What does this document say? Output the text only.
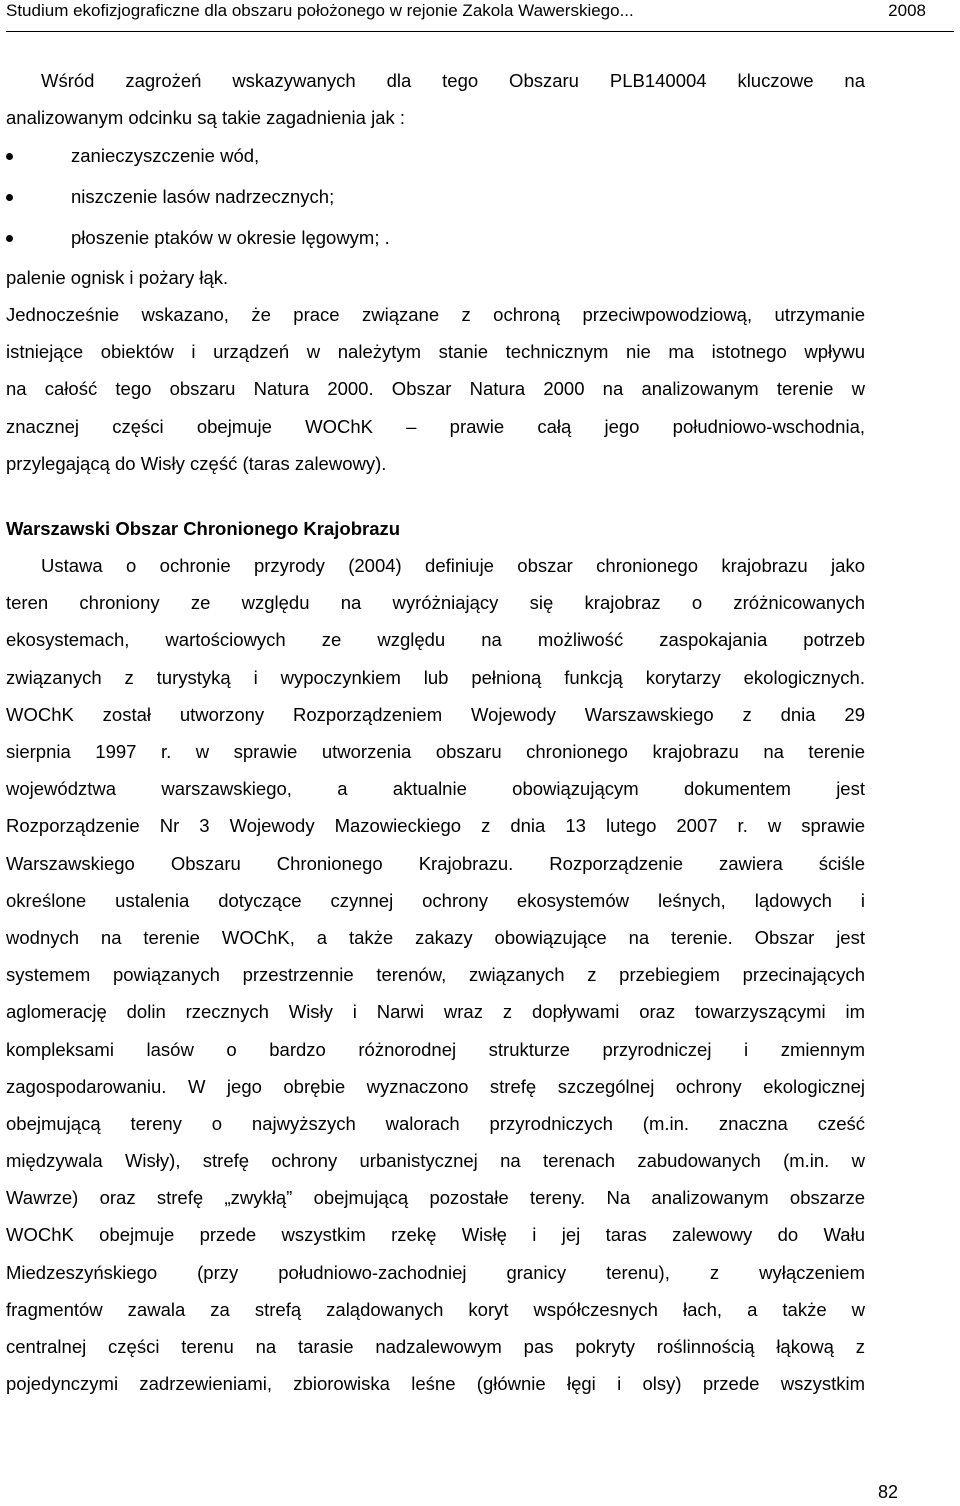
Studium ekofizjograficzne dla obszaru położonego w rejonie Zakola Wawerskiego...	2008
Wśród zagrożeń wskazywanych dla tego Obszaru PLB140004 kluczowe na
analizowanym odcinku są takie zagadnienia jak :
zanieczyszczenie wód,
niszczenie lasów nadrzecznych;
płoszenie ptaków w okresie lęgowym; .
palenie ognisk i pożary łąk.
Jednocześnie wskazano, że prace związane z ochroną przeciwpowodziową, utrzymanie
istniejące obiektów i urządzeń w należytym stanie technicznym nie ma istotnego wpływu
na całość tego obszaru Natura 2000. Obszar Natura 2000 na analizowanym terenie w
znacznej części obejmuje WOChK – prawie całą jego południowo-wschodnia,
przylegającą do Wisły część (taras zalewowy).
Warszawski Obszar Chronionego Krajobrazu
Ustawa o ochronie przyrody (2004) definiuje obszar chronionego krajobrazu jako
teren chroniony ze względu na wyróżniający się krajobraz o zróżnicowanych
ekosystemach, wartościowych ze względu na możliwość zaspokajania potrzeb
związanych z turystyką i wypoczynkiem lub pełnioną funkcją korytarzy ekologicznych.
WOChK został utworzony Rozporządzeniem Wojewody Warszawskiego z dnia 29
sierpnia 1997 r. w sprawie utworzenia obszaru chronionego krajobrazu na terenie
województwa warszawskiego, a aktualnie obowiązującym dokumentem jest
Rozporządzenie Nr 3 Wojewody Mazowieckiego z dnia 13 lutego 2007 r. w sprawie
Warszawskiego Obszaru Chronionego Krajobrazu. Rozporządzenie zawiera ściśle
określone ustalenia dotyczące czynnej ochrony ekosystemów leśnych, lądowych i
wodnych na terenie WOChK, a także zakazy obowiązujące na terenie. Obszar jest
systemem powiązanych przestrzennie terenów, związanych z przebiegiem przecinających
aglomerację dolin rzecznych Wisły i Narwi wraz z dopływami oraz towarzyszącymi im
kompleksami lasów o bardzo różnorodnej strukturze przyrodniczej i zmiennym
zagospodarowaniu. W jego obrębie wyznaczono strefę szczególnej ochrony ekologicznej
obejmującą tereny o najwyższych walorach przyrodniczych (m.in. znaczna cześć
międzywala Wisły), strefę ochrony urbanistycznej na terenach zabudowanych (m.in. w
Wawrze) oraz strefę „zwykłą” obejmującą pozostałe tereny. Na analizowanym obszarze
WOChK obejmuje przede wszystkim rzekę Wisłę i jej taras zalewowy do Wału
Miedzeszyńskiego (przy południowo-zachodniej granicy terenu), z wyłączeniem
fragmentów zawala za strefą zalądowanych koryt współczesnych łach, a także w
centralnej części terenu na tarasie nadzalewowym pas pokryty roślinnością łąkową z
pojedynczymi zadrzewieniami, zbiorowiska leśne (głównie łęgi i olsy) przede wszystkim
82
